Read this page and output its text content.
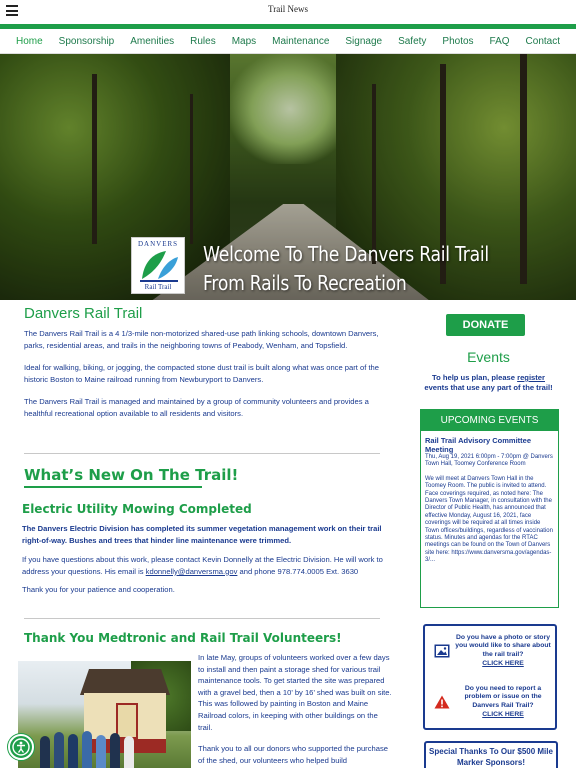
Trail News
Home Sponsorship Amenities Rules Maps Maintenance Signage Safety Photos FAQ Contact
DANVERS
Rail Trail
Welcome To The Danvers Rail Trail
From Rails To Recreation
Danvers Rail Trail

The Danvers Rail Trail is a 4 1/3-mile non-motorized shared-use path linking schools, downtown Danvers, parks, residential areas, and trails in the neighboring towns of Peabody, Wenham, and Topsfield.

Ideal for walking, biking, or jogging, the compacted stone dust trail is built along what was once part of the historic Boston to Maine railroad running from Newburyport to Danvers.

The Danvers Rail Trail is managed and maintained by a group of community volunteers and provides a healthful recreational option available to all residents and visitors.

What’s New On The Trail!
Electric Utility Mowing Completed

The Danvers Electric Division has completed its summer vegetation management work on their trail right-of-way. Bushes and trees that hinder line maintenance were trimmed.

If you have questions about this work, please contact Kevin Donnelly at the Electric Division. He will work to address your questions. His email is kdonnelly@danversma.gov and phone 978.774.0005 Ext. 3630

Thank you for your patience and cooperation.

Thank You Medtronic and Rail Trail Volunteers!

In late May, groups of volunteers worked over a few days to install and then paint a storage shed for various trail maintenance tools. To get started the site was prepared with a gravel bed, then a 10’ by 16’ shed was built on site. This was followed by painting in Boston and Maine Railroad colors, in keeping with other buildings on the trail.

Thank you to all our donors who supported the purchase of the shed, our volunteers who helped build

DONATE
Events
To help us plan, please register events that use any part of the trail!
UPCOMING EVENTS
Rail Trail Advisory Committee Meeting
Thu, Aug 19, 2021 6:00pm - 7:00pm @ Danvers Town Hall, Toomey Conference Room
We will meet at Danvers Town Hall in the Toomey Room. The public is invited to attend. Face coverings required, as noted here: The Danvers Town Manager, in consultation with the Director of Public Health, has announced that effective Monday, August 16, 2021, face coverings will be required at all times inside Town offices/buildings, regardless of vaccination status. Minutes and agendas for the RTAC meetings can be found on the Town of Danvers site here: https://www.danversma.gov/agendas-3/...
Do you have a photo or story you would like to share about the rail trail?
CLICK HERE
Do you need to report a problem or issue on the Danvers Rail Trail?
CLICK HERE
Special Thanks To Our $500 Mile Marker Sponsors!
